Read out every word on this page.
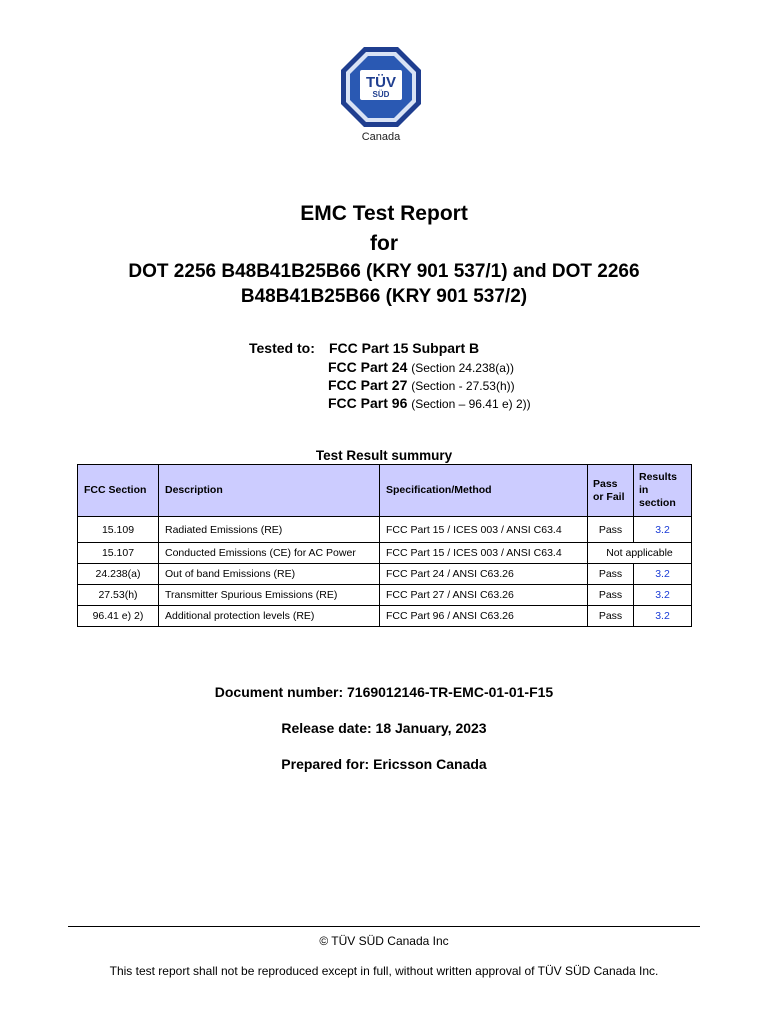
TÜV
SÜD
Canada
EMC Test Report
for
DOT 2256 B48B41B25B66 (KRY 901 537/1) and DOT 2266
B48B41B25B66 (KRY 901 537/2)
Tested to: FCC Part 15 Subpart B
FCC Part 24 (Section 24.238(a))
FCC Part 27 (Section - 27.53(h))
FCC Part 96 (Section – 96.41 e) 2))
Test Result summury
FCC Section	Description	Specification/Method	Pass or Fail	Results in section
15.109	Radiated Emissions (RE)	FCC Part 15 / ICES 003 / ANSI C63.4	Pass	3.2
15.107	Conducted Emissions (CE) for AC Power	FCC Part 15 / ICES 003 / ANSI C63.4	Not applicable	
24.238(a)	Out of band Emissions (RE)	FCC Part 24 / ANSI C63.26	Pass	3.2
27.53(h)	Transmitter Spurious Emissions (RE)	FCC Part 27 / ANSI C63.26	Pass	3.2
96.41 e) 2)	Additional protection levels (RE)	FCC Part 96 / ANSI C63.26	Pass	3.2
Document number: 7169012146-TR-EMC-01-01-F15
Release date: 18 January, 2023
Prepared for: Ericsson Canada
© TÜV SÜD Canada Inc
This test report shall not be reproduced except in full, without written approval of TÜV SÜD Canada Inc.
